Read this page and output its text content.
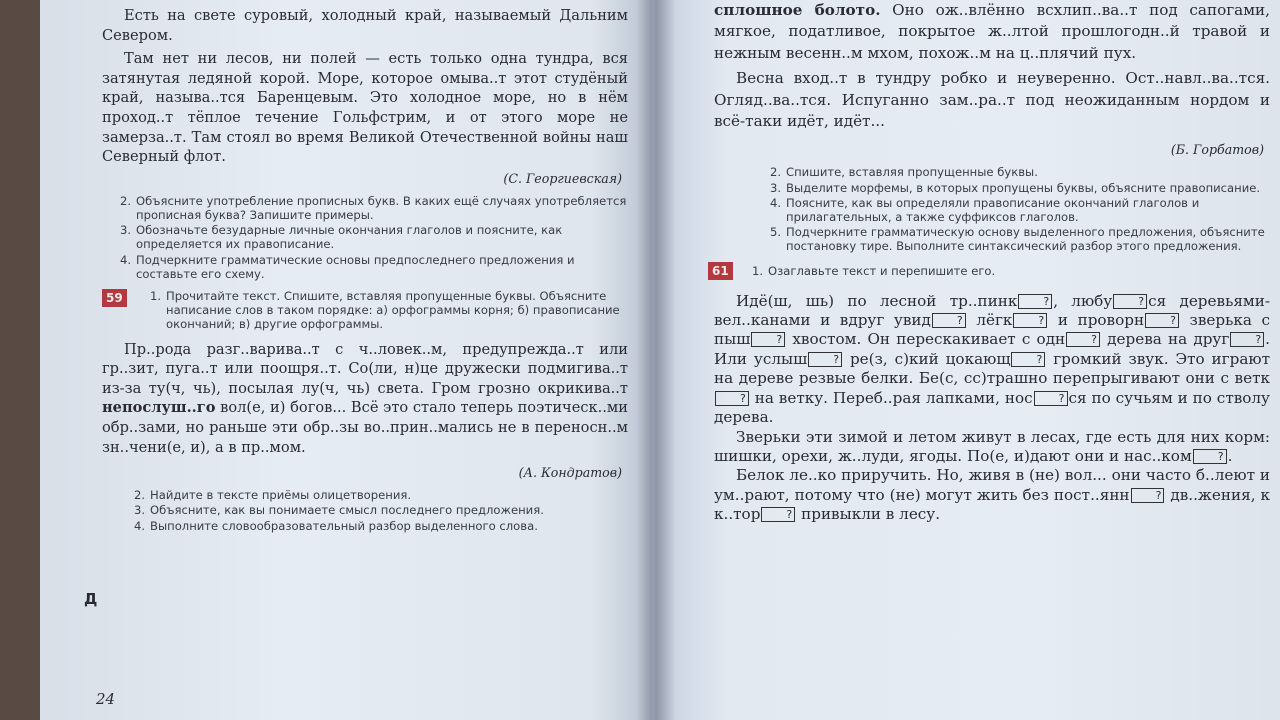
Есть на свете суровый, холодный край, называемый Дальним Севером.

Там нет ни лесов, ни полей — есть только одна тундра, вся затянутая ледяной корой. Море, которое омыва..т этот студёный край, называ..тся Баренцевым. Это холодное море, но в нём проход..т тёплое течение Гольфстрим, и от этого море не замерза..т. Там стоял во время Великой Отечественной войны наш Северный флот.

(С. Георгиевская)

2. Объясните употребление прописных букв. В каких ещё случаях употребляется прописная буква? Запишите примеры.
3. Обозначьте безударные личные окончания глаголов и поясните, как определяется их правописание.
4. Подчеркните грамматические основы предпоследнего предложения и составьте его схему.
59	1. Прочитайте текст. Спишите, вставляя пропущенные буквы. Объясните написание слов в таком порядке: а) орфограммы корня; б) правописание окончаний; в) другие орфограммы.

Пр..рода разг..варива..т с ч..ловек..м, предупрежда..т или гр..зит, пуга..т или поощря..т. Со(ли, н)це дружески подмигива..т из-за ту(ч, чь), посылая лу(ч, чь) света. Гром грозно окрикива..т непослуш..го вол(е, и) богов... Всё это стало теперь поэтическ..ми обр..зами, но раньше эти обр..зы во..прин..мались не в переносн..м зн..чени(е, и), а в пр..мом.

(А. Кондратов)

2. Найдите в тексте приёмы олицетворения.
3. Объясните, как вы понимаете смысл последнего предложения.
4. Выполните словообразовательный разбор выделенного слова.
Д
24

сплошное болото. Оно ож..влённо всхлип..ва..т под сапогами, мягкое, податливое, покрытое ж..лтой прошлогодн..й травой и нежным весенн..м мхом, похож..м на ц..плячий пух.

Весна вход..т в тундру робко и неуверенно. Ост..навл..ва..тся. Огляд..ва..тся. Испуганно зам..ра..т под неожиданным нордом и всё-таки идёт, идёт...

(Б. Горбатов)

2. Спишите, вставляя пропущенные буквы.
3. Выделите морфемы, в которых пропущены буквы, объясните правописание.
4. Поясните, как вы определяли правописание окончаний глаголов и прилагательных, а также суффиксов глаголов.
5. Подчеркните грамматическую основу выделенного предложения, объясните постановку тире. Выполните синтаксический разбор этого предложения.
61	1. Озаглавьте текст и перепишите его.

Идё(ш, шь) по лесной тр..пинк ? , любу ? ся деревьями-вел..канами и вдруг увид ? лёгк ? и проворн ? зверька с пыш ? хвостом. Он перескакивает с одн ? дерева на друг ? . Или услыш ? ре(з, с)кий цокающ ? громкий звук. Это играют на дереве резвые белки. Бе(с, сс)трашно перепрыгивают они с ветк? на ветку. Переб..рая лапками, нос ? ся по сучьям и по стволу дерева.

Зверьки эти зимой и летом живут в лесах, где есть для них корм: шишки, орехи, ж..луди, ягоды. По(е, и)дают они и нас..ком ? .

Белок ле..ко приручить. Но, живя в (не) вол... они часто б..леют и ум..рают, потому что (не) могут жить без пост..янн ? дв..жения, к к..тор ? привыкли в лесу.
